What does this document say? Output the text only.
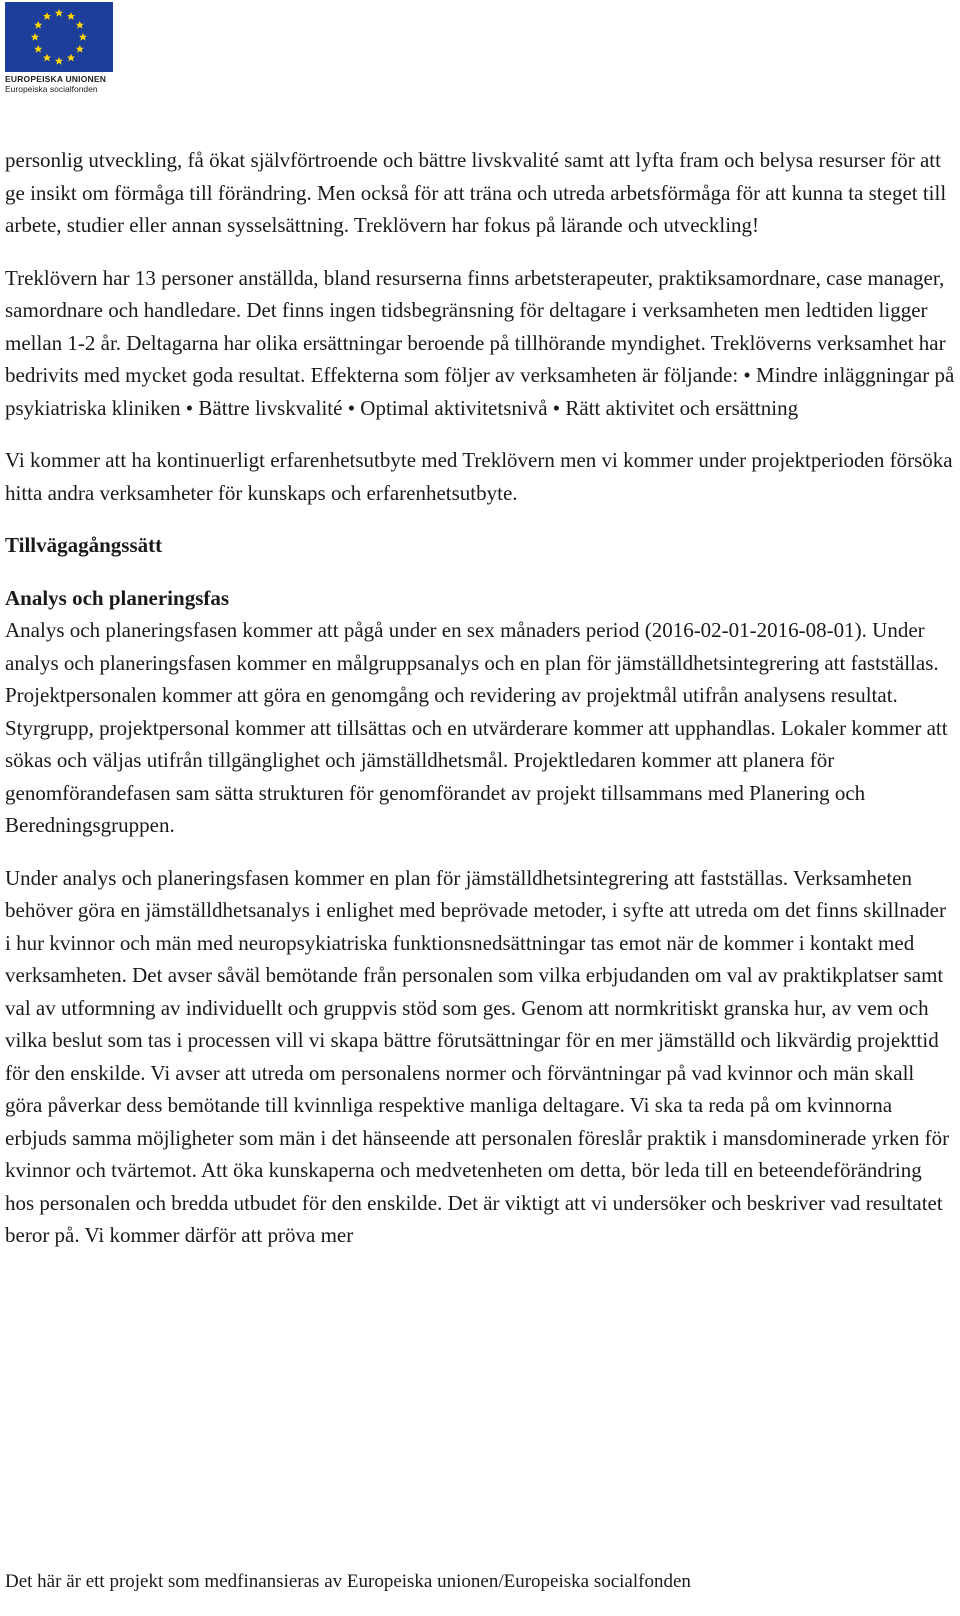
EUROPEISKA UNIONEN
Europeiska socialfonden

personlig utveckling, få ökat självförtroende och bättre livskvalité samt att lyfta fram och belysa resurser för att ge insikt om förmåga till förändring. Men också för att träna och utreda arbetsförmåga för att kunna ta steget till arbete, studier eller annan sysselsättning. Treklövern har fokus på lärande och utveckling!

Treklövern har 13 personer anställda, bland resurserna finns arbetsterapeuter, praktiksamordnare, case manager, samordnare och handledare. Det finns ingen tidsbegränsning för deltagare i verksamheten men ledtiden ligger mellan 1-2 år. Deltagarna har olika ersättningar beroende på tillhörande myndighet. Treklöverns verksamhet har bedrivits med mycket goda resultat. Effekterna som följer av verksamheten är följande: • Mindre inläggningar på psykiatriska kliniken • Bättre livskvalité • Optimal aktivitetsnivå • Rätt aktivitet och ersättning

Vi kommer att ha kontinuerligt erfarenhetsutbyte med Treklövern men vi kommer under projektperioden försöka hitta andra verksamheter för kunskaps och erfarenhetsutbyte.

Tillvägagångssätt
Analys och planeringsfas

Analys och planeringsfasen kommer att pågå under en sex månaders period (2016-02-01-2016-08-01). Under analys och planeringsfasen kommer en målgruppsanalys och en plan för jämställdhetsintegrering att fastställas. Projektpersonalen kommer att göra en genomgång och revidering av projektmål utifrån analysens resultat. Styrgrupp, projektpersonal kommer att tillsättas och en utvärderare kommer att upphandlas. Lokaler kommer att sökas och väljas utifrån tillgänglighet och jämställdhetsmål. Projektledaren kommer att planera för genomförandefasen sam sätta strukturen för genomförandet av projekt tillsammans med Planering och Beredningsgruppen.

Under analys och planeringsfasen kommer en plan för jämställdhetsintegrering att fastställas. Verksamheten behöver göra en jämställdhetsanalys i enlighet med beprövade metoder, i syfte att utreda om det finns skillnader i hur kvinnor och män med neuropsykiatriska funktionsnedsättningar tas emot när de kommer i kontakt med verksamheten. Det avser såväl bemötande från personalen som vilka erbjudanden om val av praktikplatser samt val av utformning av individuellt och gruppvis stöd som ges. Genom att normkritiskt granska hur, av vem och vilka beslut som tas i processen vill vi skapa bättre förutsättningar för en mer jämställd och likvärdig projekttid för den enskilde. Vi avser att utreda om personalens normer och förväntningar på vad kvinnor och män skall göra påverkar dess bemötande till kvinnliga respektive manliga deltagare. Vi ska ta reda på om kvinnorna erbjuds samma möjligheter som män i det hänseende att personalen föreslår praktik i mansdominerade yrken för kvinnor och tvärtemot. Att öka kunskaperna och medvetenheten om detta, bör leda till en beteendeförändring hos personalen och bredda utbudet för den enskilde. Det är viktigt att vi undersöker och beskriver vad resultatet beror på. Vi kommer därför att pröva mer

Det här är ett projekt som medfinansieras av Europeiska unionen/Europeiska socialfonden
